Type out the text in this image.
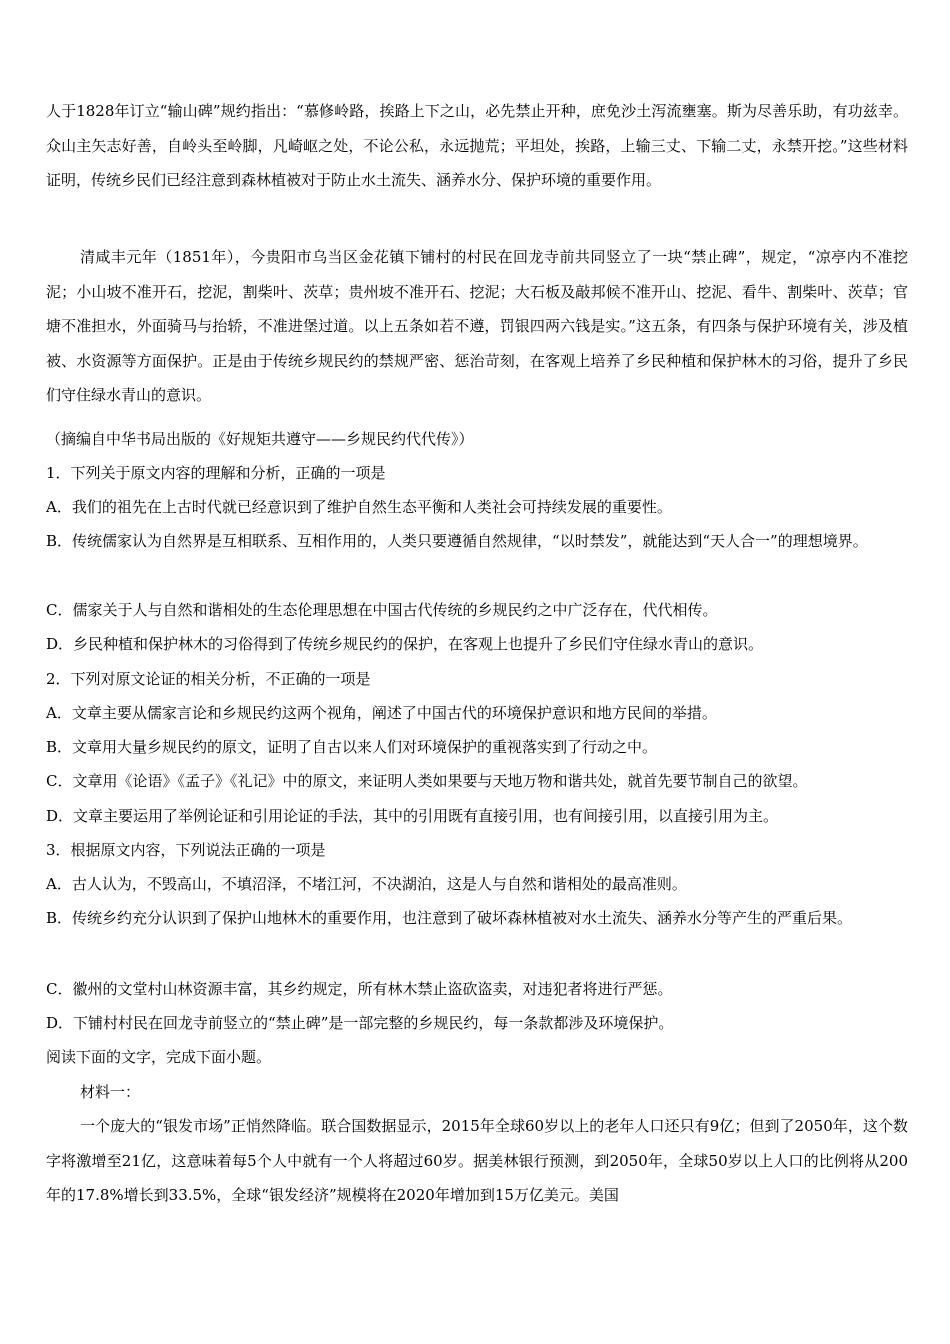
人于1828年订立“输山碑”规约指出：“慕修岭路，挨路上下之山，必先禁止开种，庶免沙土泻流壅塞。斯为尽善乐助，有功兹幸。众山主矢志好善，自岭头至岭脚，凡崎岖之处，不论公私，永远抛荒；平坦处，挨路，上输三丈、下输二丈，永禁开挖。”这些材料证明，传统乡民们已经注意到森林植被对于防止水土流失、涵养水分、保护环境的重要作用。

清咸丰元年（1851年），今贵阳市乌当区金花镇下铺村的村民在回龙寺前共同竖立了一块“禁止碑”，规定，“凉亭内不准挖泥；小山坡不准开石，挖泥，割柴叶、茨草；贵州坡不准开石、挖泥；大石板及敲邦候不准开山、挖泥、看牛、割柴叶、茨草；官塘不准担水，外面骑马与抬轿，不准进堡过道。以上五条如若不遵，罚银四两六钱是实。”这五条，有四条与保护环境有关，涉及植被、水资源等方面保护。正是由于传统乡规民约的禁规严密、惩治苛刻，在客观上培养了乡民种植和保护林木的习俗，提升了乡民们守住绿水青山的意识。

（摘编自中华书局出版的《好规矩共遵守——乡规民约代代传》）

1．下列关于原文内容的理解和分析，正确的一项是

A．我们的祖先在上古时代就已经意识到了维护自然生态平衡和人类社会可持续发展的重要性。

B．传统儒家认为自然界是互相联系、互相作用的，人类只要遵循自然规律，“以时禁发”，就能达到“天人合一”的理想境界。

C．儒家关于人与自然和谐相处的生态伦理思想在中国古代传统的乡规民约之中广泛存在，代代相传。

D．乡民种植和保护林木的习俗得到了传统乡规民约的保护，在客观上也提升了乡民们守住绿水青山的意识。

2．下列对原文论证的相关分析，不正确的一项是

A．文章主要从儒家言论和乡规民约这两个视角，阐述了中国古代的环境保护意识和地方民间的举措。

B．文章用大量乡规民约的原文，证明了自古以来人们对环境保护的重视落实到了行动之中。

C．文章用《论语》《孟子》《礼记》中的原文，来证明人类如果要与天地万物和谐共处，就首先要节制自己的欲望。

D．文章主要运用了举例论证和引用论证的手法，其中的引用既有直接引用，也有间接引用，以直接引用为主。

3．根据原文内容，下列说法正确的一项是

A．古人认为，不毁高山，不填沼泽，不堵江河，不决湖泊，这是人与自然和谐相处的最高准则。

B．传统乡约充分认识到了保护山地林木的重要作用，也注意到了破坏森林植被对水土流失、涵养水分等产生的严重后果。

C．徽州的文堂村山林资源丰富，其乡约规定，所有林木禁止盗砍盗卖，对违犯者将进行严惩。

D．下铺村村民在回龙寺前竖立的“禁止碑”是一部完整的乡规民约，每一条款都涉及环境保护。

阅读下面的文字，完成下面小题。

材料一：

一个庞大的“银发市场”正悄然降临。联合国数据显示，2015年全球60岁以上的老年人口还只有9亿；但到了2050年，这个数字将激增至21亿，这意味着每5个人中就有一个人将超过60岁。据美林银行预测，到2050年，全球50岁以上人口的比例将从200年的17.8%增长到33.5%，全球“银发经济”规模将在2020年增加到15万亿美元。美国
